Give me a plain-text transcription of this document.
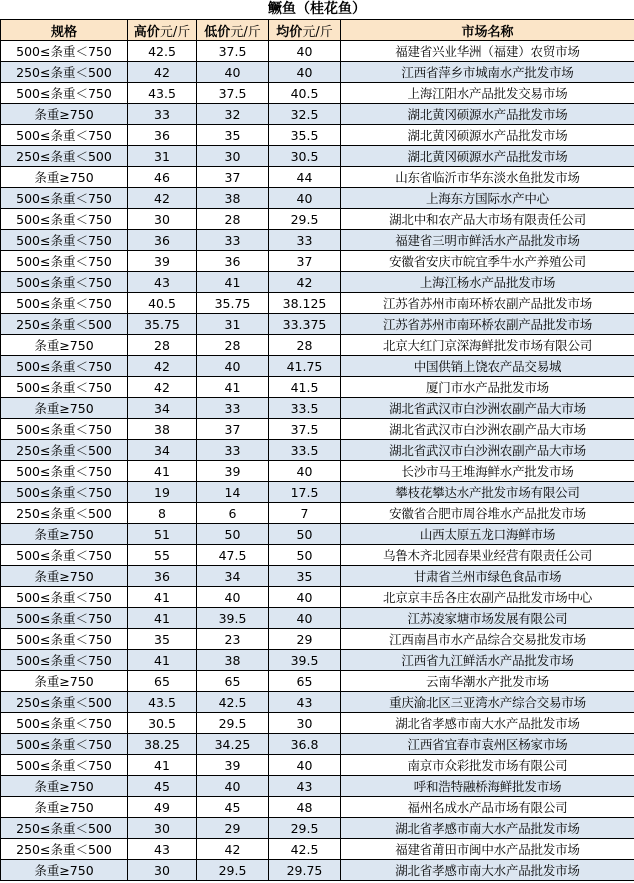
鳜鱼（桂花鱼）
规格	高价元/斤	低价元/斤	均价元/斤	市场名称
500≤条重＜750	42.5	37.5	40	福建省兴业华洲（福建）农贸市场
250≤条重＜500	42	40	40	江西省萍乡市城南水产批发市场
500≤条重＜750	43.5	37.5	40.5	上海江阳水产品批发交易市场
条重≥750	33	32	32.5	湖北黄冈硕源水产品批发市场
500≤条重＜750	36	35	35.5	湖北黄冈硕源水产品批发市场
250≤条重＜500	31	30	30.5	湖北黄冈硕源水产品批发市场
条重≥750	46	37	44	山东省临沂市华东淡水鱼批发市场
500≤条重＜750	42	38	40	上海东方国际水产中心
500≤条重＜750	30	28	29.5	湖北中和农产品大市场有限责任公司
500≤条重＜750	36	33	33	福建省三明市鲜活水产品批发市场
500≤条重＜750	39	36	37	安徽省安庆市皖宜季牛水产养殖公司
500≤条重＜750	43	41	42	上海江杨水产品批发市场
500≤条重＜750	40.5	35.75	38.125	江苏省苏州市南环桥农副产品批发市场
250≤条重＜500	35.75	31	33.375	江苏省苏州市南环桥农副产品批发市场
条重≥750	28	28	28	北京大红门京深海鲜批发市场有限公司
500≤条重＜750	42	40	41.75	中国供销上饶农产品交易城
500≤条重＜750	42	41	41.5	厦门市水产品批发市场
条重≥750	34	33	33.5	湖北省武汉市白沙洲农副产品大市场
500≤条重＜750	38	37	37.5	湖北省武汉市白沙洲农副产品大市场
250≤条重＜500	34	33	33.5	湖北省武汉市白沙洲农副产品大市场
500≤条重＜750	41	39	40	长沙市马王堆海鲜水产批发市场
500≤条重＜750	19	14	17.5	攀枝花攀达水产批发市场有限公司
250≤条重＜500	8	6	7	安徽省合肥市周谷堆水产品批发市场
条重≥750	51	50	50	山西太原五龙口海鲜市场
500≤条重＜750	55	47.5	50	乌鲁木齐北园春果业经营有限责任公司
条重≥750	36	34	35	甘肃省兰州市绿色食品市场
500≤条重＜750	41	40	40	北京京丰岳各庄农副产品批发市场中心
500≤条重＜750	41	39.5	40	江苏凌家塘市场发展有限公司
500≤条重＜750	35	23	29	江西南昌市水产品综合交易批发市场
500≤条重＜750	41	38	39.5	江西省九江鲜活水产品批发市场
条重≥750	65	65	65	云南华潮水产批发市场
250≤条重＜500	43.5	42.5	43	重庆渝北区三亚湾水产综合交易市场
500≤条重＜750	30.5	29.5	30	湖北省孝感市南大水产品批发市场
500≤条重＜750	38.25	34.25	36.8	江西省宜春市袁州区杨家市场
500≤条重＜750	41	39	40	南京市众彩批发市场有限公司
条重≥750	45	40	43	呼和浩特融桥海鲜批发市场
条重≥750	49	45	48	福州名成水产品市场有限公司
250≤条重＜500	30	29	29.5	湖北省孝感市南大水产品批发市场
250≤条重＜500	43	42	42.5	福建省莆田市闽中水产品批发市场
条重≥750	30	29.5	29.75	湖北省孝感市南大水产品批发市场
